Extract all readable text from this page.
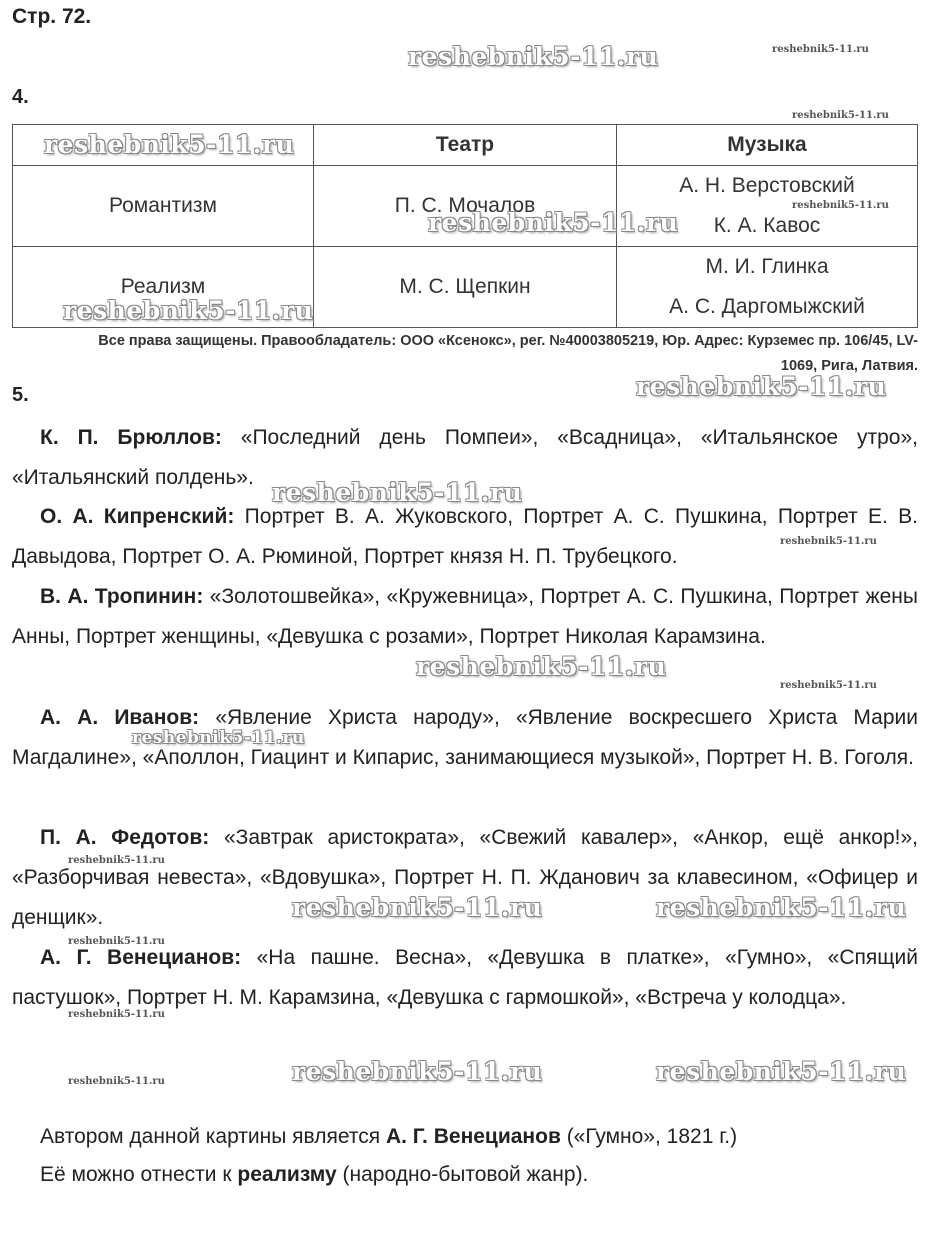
Стр. 72.
4.
	Театр	Музыка
Романтизм	П. С. Мочалов	А. Н. Верстовский
К. А. Кавос

Реализм	М. С. Щепкин	М. И. Глинка
А. С. Даргомыжский
Все права защищены. Правообладатель: ООО «Ксенокс», рег. №40003805219, Юр. Адрес: Курземес пр. 106/45, LV-
1069, Рига, Латвия.
5.
К. П. Брюллов: «Последний день Помпеи», «Всадница», «Итальянское утро», «Итальянский полдень».
О. А. Кипренский: Портрет В. А. Жуковского, Портрет А. С. Пушкина, Портрет Е. В. Давыдова, Портрет О. А. Рюминой, Портрет князя Н. П. Трубецкого.
В. А. Тропинин: «Золотошвейка», «Кружевница», Портрет А. С. Пушкина, Портрет жены Анны, Портрет женщины, «Девушка с розами», Портрет Николая Карамзина.
А. А. Иванов: «Явление Христа народу», «Явление воскресшего Христа Марии Магдалине», «Аполлон, Гиацинт и Кипарис, занимающиеся музыкой», Портрет Н. В. Гоголя.
П. А. Федотов: «Завтрак аристократа», «Свежий кавалер», «Анкор, ещё анкор!», «Разборчивая невеста», «Вдовушка», Портрет Н. П. Жданович за клавесином, «Офицер и денщик».
А. Г. Венецианов: «На пашне. Весна», «Девушка в платке», «Гумно», «Спящий пастушок», Портрет Н. М. Карамзина, «Девушка с гармошкой», «Встреча у колодца».
Автором данной картины является А. Г. Венецианов («Гумно», 1821 г.)
Её можно отнести к реализму (народно-бытовой жанр).
reshebnik5-11.ru	reshebnik5-11.ru
reshebnik5-11.ru
reshebnik5-11.ru
reshebnik5-11.ru
reshebnik5-11.ru
reshebnik5-11.ru
reshebnik5-11.ru
reshebnik5-11.ru
reshebnik5-11.ru
reshebnik5-11.ru
reshebnik5-11.ru
reshebnik5-11.ru
reshebnik5-11.ru
reshebnik5-11.ru	reshebnik5-11.ru
reshebnik5-11.ru
reshebnik5-11.ru
reshebnik5-11.ru	reshebnik5-11.ru
reshebnik5-11.ru
